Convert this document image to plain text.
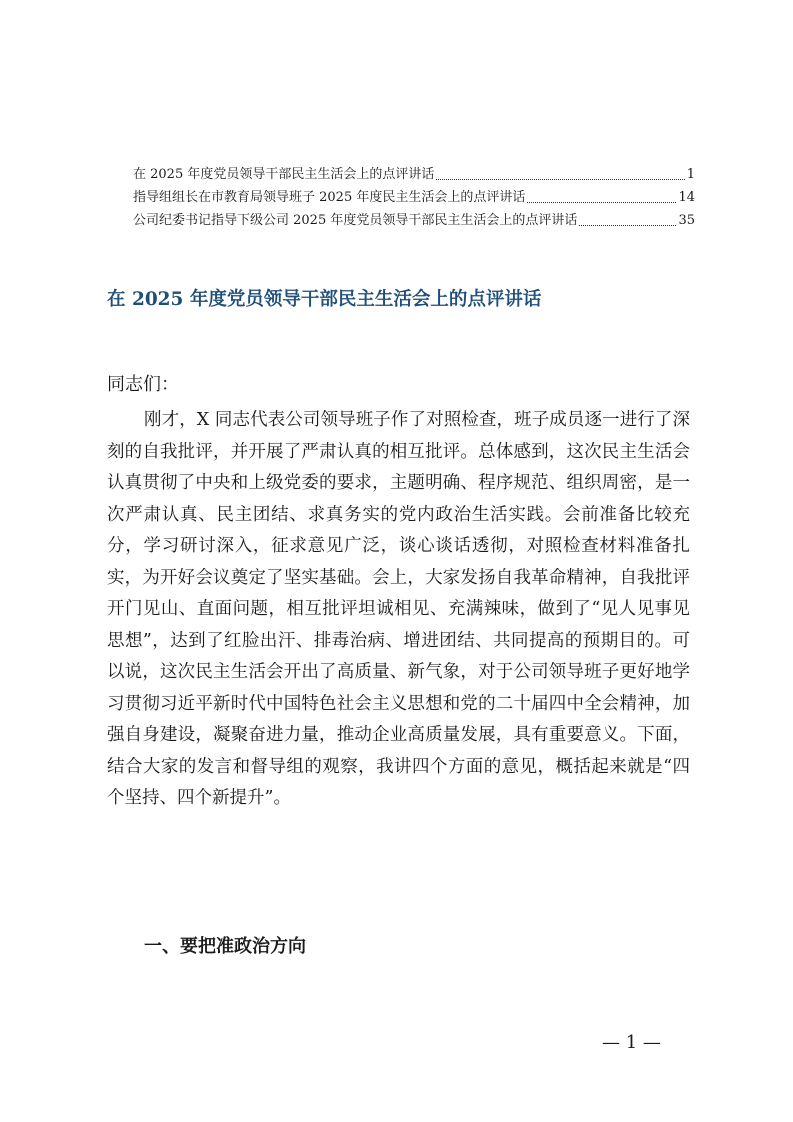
在 2025 年度党员领导干部民主生活会上的点评讲话	1
指导组组长在市教育局领导班子 2025 年度民主生活会上的点评讲话	14
公司纪委书记指导下级公司 2025 年度党员领导干部民主生活会上的点评讲话	35
在 2025 年度党员领导干部民主生活会上的点评讲话
同志们：

刚才，X 同志代表公司领导班子作了对照检查，班子成员逐一进行了深刻的自我批评，并开展了严肃认真的相互批评。总体感到，这次民主生活会认真贯彻了中央和上级党委的要求，主题明确、程序规范、组织周密，是一次严肃认真、民主团结、求真务实的党内政治生活实践。会前准备比较充分，学习研讨深入，征求意见广泛，谈心谈话透彻，对照检查材料准备扎实，为开好会议奠定了坚实基础。会上，大家发扬自我革命精神，自我批评开门见山、直面问题，相互批评坦诚相见、充满辣味，做到了“见人见事见思想”，达到了红脸出汗、排毒治病、增进团结、共同提高的预期目的。可以说，这次民主生活会开出了高质量、新气象，对于公司领导班子更好地学习贯彻习近平新时代中国特色社会主义思想和党的二十届四中全会精神，加强自身建设，凝聚奋进力量，推动企业高质量发展，具有重要意义。下面，结合大家的发言和督导组的观察，我讲四个方面的意见，概括起来就是“四个坚持、四个新提升”。

一、要把准政治方向
— 1 —
